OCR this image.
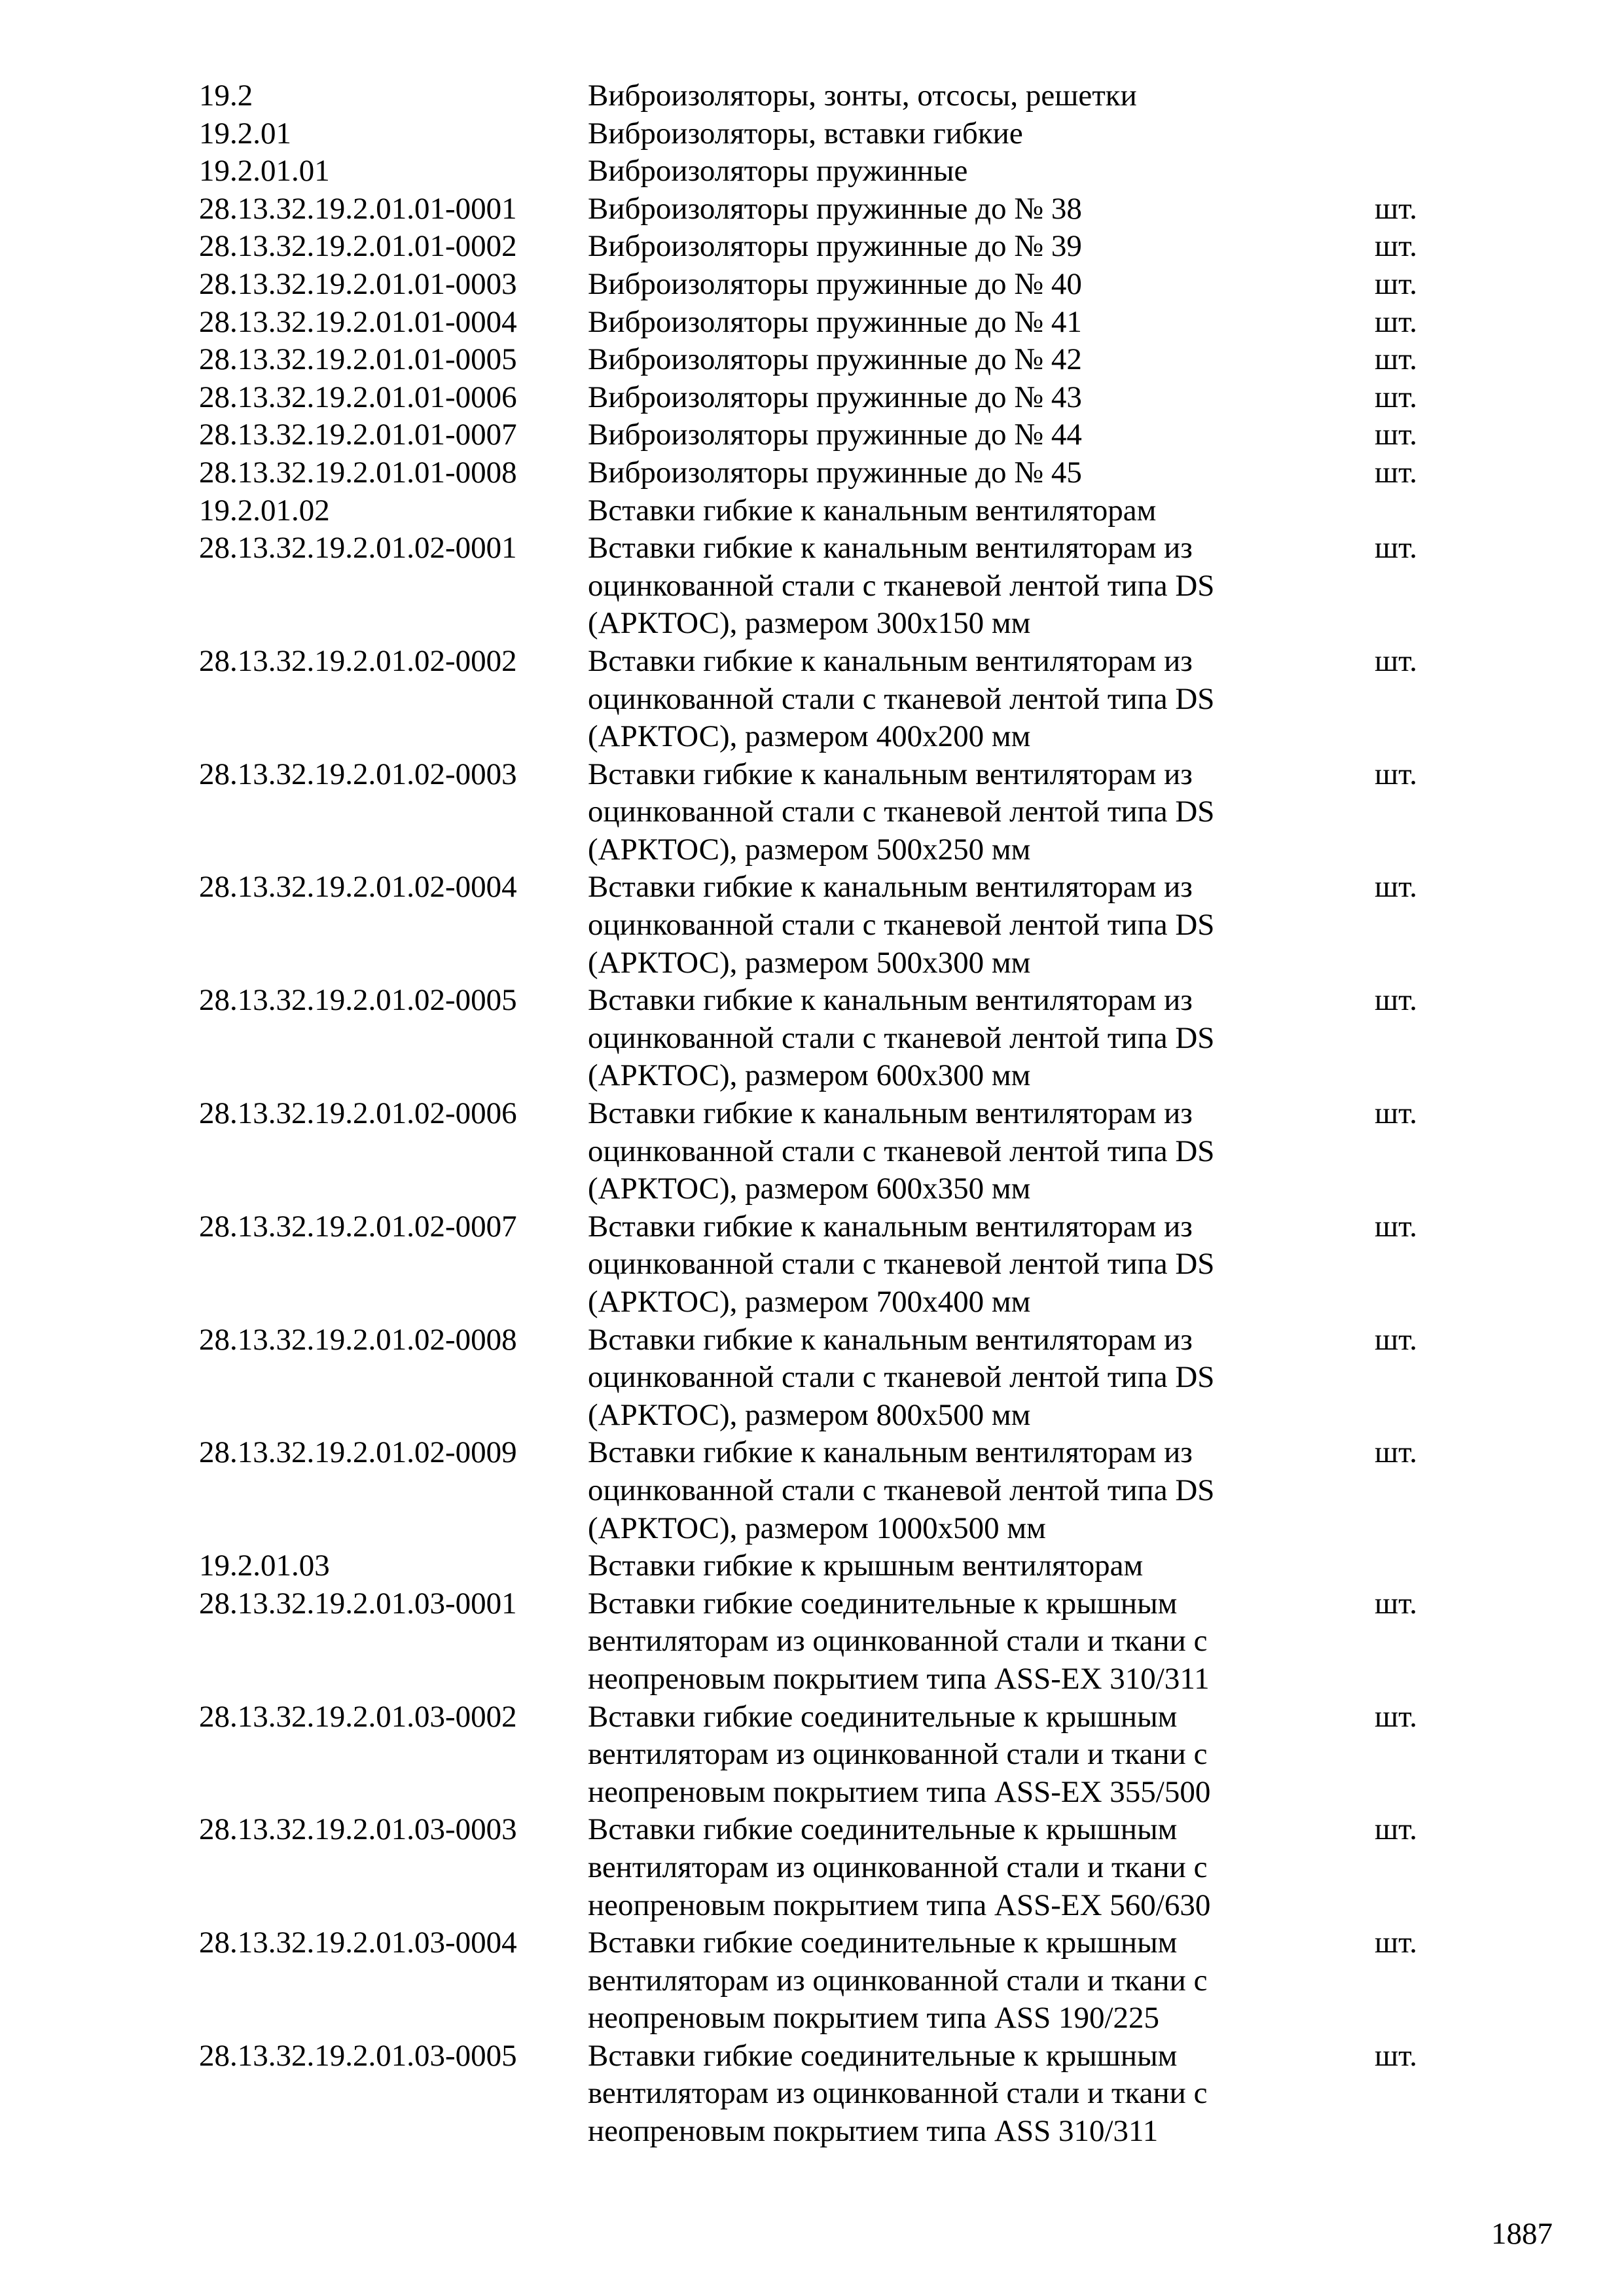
19.2	Виброизоляторы, зонты, отсосы, решетки
19.2.01	Виброизоляторы, вставки гибкие
19.2.01.01	Виброизоляторы пружинные
28.13.32.19.2.01.01-0001 Виброизоляторы пружинные до № 38	шт.
28.13.32.19.2.01.01-0002 Виброизоляторы пружинные до № 39	шт.
28.13.32.19.2.01.01-0003 Виброизоляторы пружинные до № 40	шт.
28.13.32.19.2.01.01-0004 Виброизоляторы пружинные до № 41	шт.
28.13.32.19.2.01.01-0005 Виброизоляторы пружинные до № 42	шт.
28.13.32.19.2.01.01-0006 Виброизоляторы пружинные до № 43	шт.
28.13.32.19.2.01.01-0007 Виброизоляторы пружинные до № 44	шт.
28.13.32.19.2.01.01-0008 Виброизоляторы пружинные до № 45	шт.
19.2.01.02	Вставки гибкие к канальным вентиляторам
28.13.32.19.2.01.02-0001 Вставки гибкие к канальным вентиляторам из
оцинкованной стали с тканевой лентой типа DS
(АРКТОС), размером 300х150 мм
шт.
28.13.32.19.2.01.02-0002 Вставки гибкие к канальным вентиляторам из
оцинкованной стали с тканевой лентой типа DS
(АРКТОС), размером 400х200 мм
шт.
28.13.32.19.2.01.02-0003 Вставки гибкие к канальным вентиляторам из
оцинкованной стали с тканевой лентой типа DS
(АРКТОС), размером 500х250 мм
шт.
28.13.32.19.2.01.02-0004 Вставки гибкие к канальным вентиляторам из
оцинкованной стали с тканевой лентой типа DS
(АРКТОС), размером 500х300 мм
шт.
28.13.32.19.2.01.02-0005 Вставки гибкие к канальным вентиляторам из
оцинкованной стали с тканевой лентой типа DS
(АРКТОС), размером 600х300 мм
шт.
28.13.32.19.2.01.02-0006 Вставки гибкие к канальным вентиляторам из
оцинкованной стали с тканевой лентой типа DS
(АРКТОС), размером 600х350 мм
шт.
28.13.32.19.2.01.02-0007 Вставки гибкие к канальным вентиляторам из
оцинкованной стали с тканевой лентой типа DS
(АРКТОС), размером 700х400 мм
шт.
28.13.32.19.2.01.02-0008 Вставки гибкие к канальным вентиляторам из
оцинкованной стали с тканевой лентой типа DS
(АРКТОС), размером 800х500 мм
шт.
28.13.32.19.2.01.02-0009 Вставки гибкие к канальным вентиляторам из
оцинкованной стали с тканевой лентой типа DS
(АРКТОС), размером 1000х500 мм
шт.
19.2.01.03	Вставки гибкие к крышным вентиляторам
28.13.32.19.2.01.03-0001 Вставки гибкие соединительные к крышным
вентиляторам из оцинкованной стали и ткани с
неопреновым покрытием типа ASS-EX 310/311
шт.
28.13.32.19.2.01.03-0002 Вставки гибкие соединительные к крышным
вентиляторам из оцинкованной стали и ткани с
неопреновым покрытием типа ASS-EX 355/500
шт.
28.13.32.19.2.01.03-0003 Вставки гибкие соединительные к крышным
вентиляторам из оцинкованной стали и ткани с
неопреновым покрытием типа ASS-EX 560/630
шт.
28.13.32.19.2.01.03-0004 Вставки гибкие соединительные к крышным
вентиляторам из оцинкованной стали и ткани с
неопреновым покрытием типа ASS 190/225
шт.
28.13.32.19.2.01.03-0005 Вставки гибкие соединительные к крышным
вентиляторам из оцинкованной стали и ткани с
неопреновым покрытием типа ASS 310/311
шт.
1887
